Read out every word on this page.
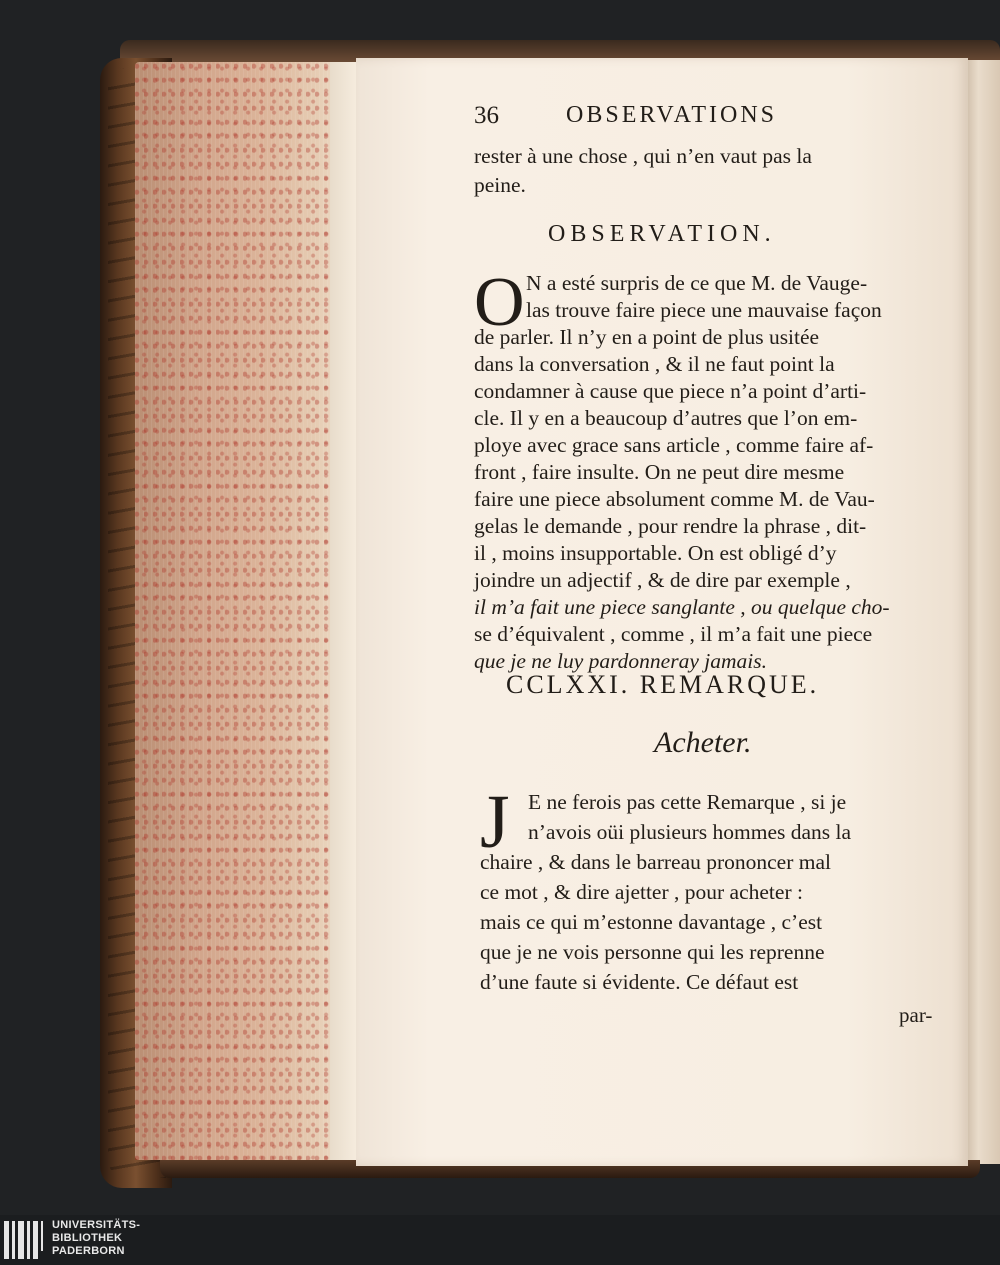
36	OBSERVATIONS
rester à une chose , qui n’en vaut pas la
peine.
OBSERVATION.
O N a esté surpris de ce que M. de Vauge-
las trouve faire piece une mauvaise façon
de parler. Il n’y en a point de plus usitée
dans la conversation , & il ne faut point la
condamner à cause que piece n’a point d’arti-
cle. Il y en a beaucoup d’autres que l’on em-
ploye avec grace sans article , comme faire af-
front , faire insulte. On ne peut dire mesme
faire une piece absolument comme M. de Vau-
gelas le demande , pour rendre la phrase , dit-
il , moins insupportable. On est obligé d’y
joindre un adjectif , & de dire par exemple ,
il m’a fait une piece sanglante , ou quelque cho-
se d’équivalent , comme , il m’a fait une piece
que je ne luy pardonneray jamais.
CCLXXI. REMARQUE.
Acheter.
J E ne ferois pas cette Remarque , si je
n’avois oüi plusieurs hommes dans la
chaire , & dans le barreau prononcer mal
ce mot , & dire ajetter , pour acheter :
mais ce qui m’estonne davantage , c’est
que je ne vois personne qui les reprenne
d’une faute si évidente. Ce défaut est
par-
UNIVERSITÄTS-
BIBLIOTHEK
PADERBORN
